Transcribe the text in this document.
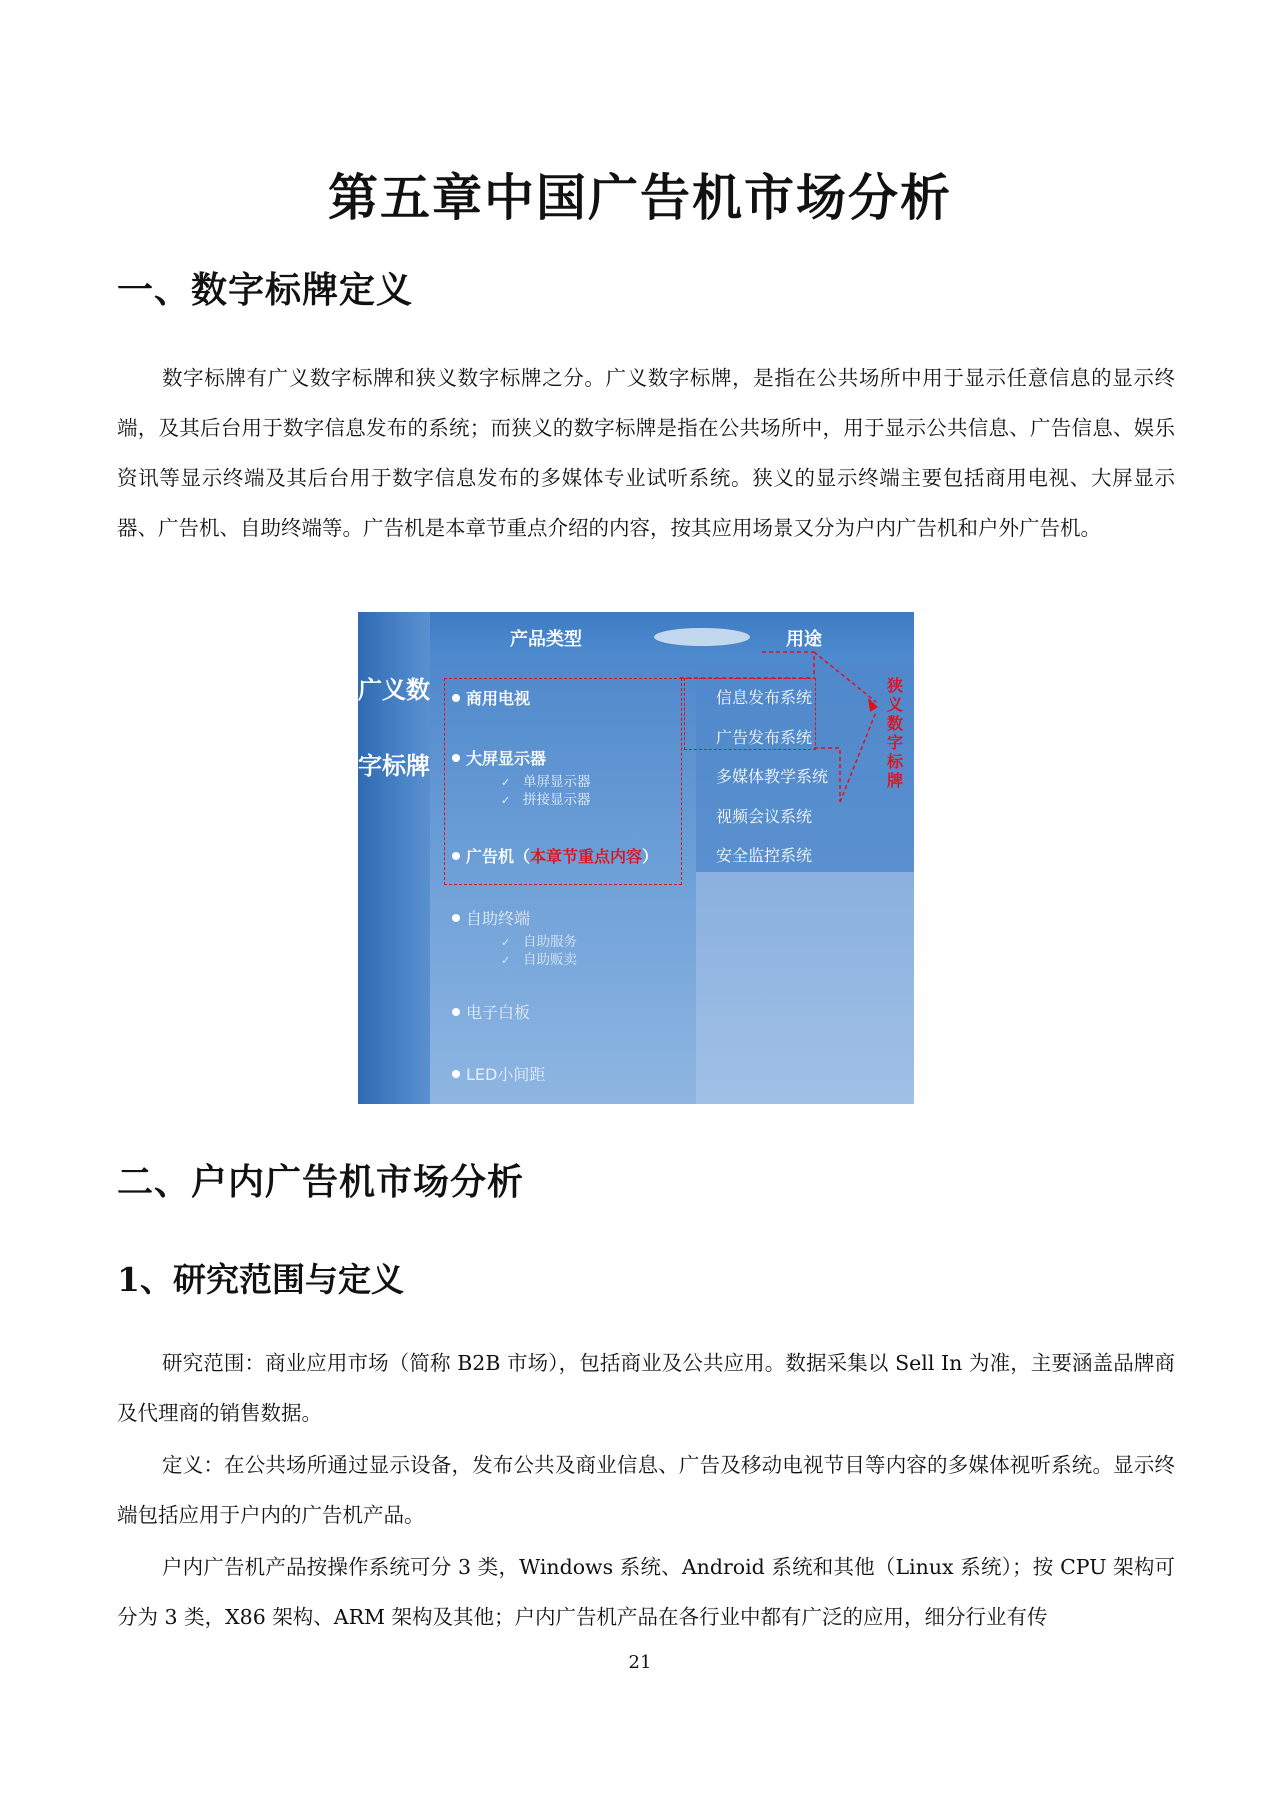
第五章中国广告机市场分析
一、数字标牌定义

数字标牌有广义数字标牌和狭义数字标牌之分。广义数字标牌，是指在公共场所中用于显示任意信息的显示终端，及其后台用于数字信息发布的系统；而狭义的数字标牌是指在公共场所中，用于显示公共信息、广告信息、娱乐资讯等显示终端及其后台用于数字信息发布的多媒体专业试听系统。狭义的显示终端主要包括商用电视、大屏显示器、广告机、自助终端等。广告机是本章节重点介绍的内容，按其应用场景又分为户内广告机和户外广告机。

广义数字标牌

产品类型	用途

商用电视

大屏显示器

✓ 单屏显示器

✓ 拼接显示器

广告机（本章节重点内容）

自助终端

✓ 自助服务

✓ 自助贩卖

电子白板

LED小间距

信息发布系统

广告发布系统

多媒体教学系统

视频会议系统

安全监控系统

狭义数字标牌

二、户内广告机市场分析
1、研究范围与定义

研究范围：商业应用市场（简称 B2B 市场），包括商业及公共应用。数据采集以 Sell In 为准，主要涵盖品牌商及代理商的销售数据。

定义：在公共场所通过显示设备，发布公共及商业信息、广告及移动电视节目等内容的多媒体视听系统。显示终端包括应用于户内的广告机产品。

户内广告机产品按操作系统可分 3 类，Windows 系统、Android 系统和其他（Linux 系统）；按 CPU 架构可分为 3 类，X86 架构、ARM 架构及其他；户内广告机产品在各行业中都有广泛的应用，细分行业有传

21
